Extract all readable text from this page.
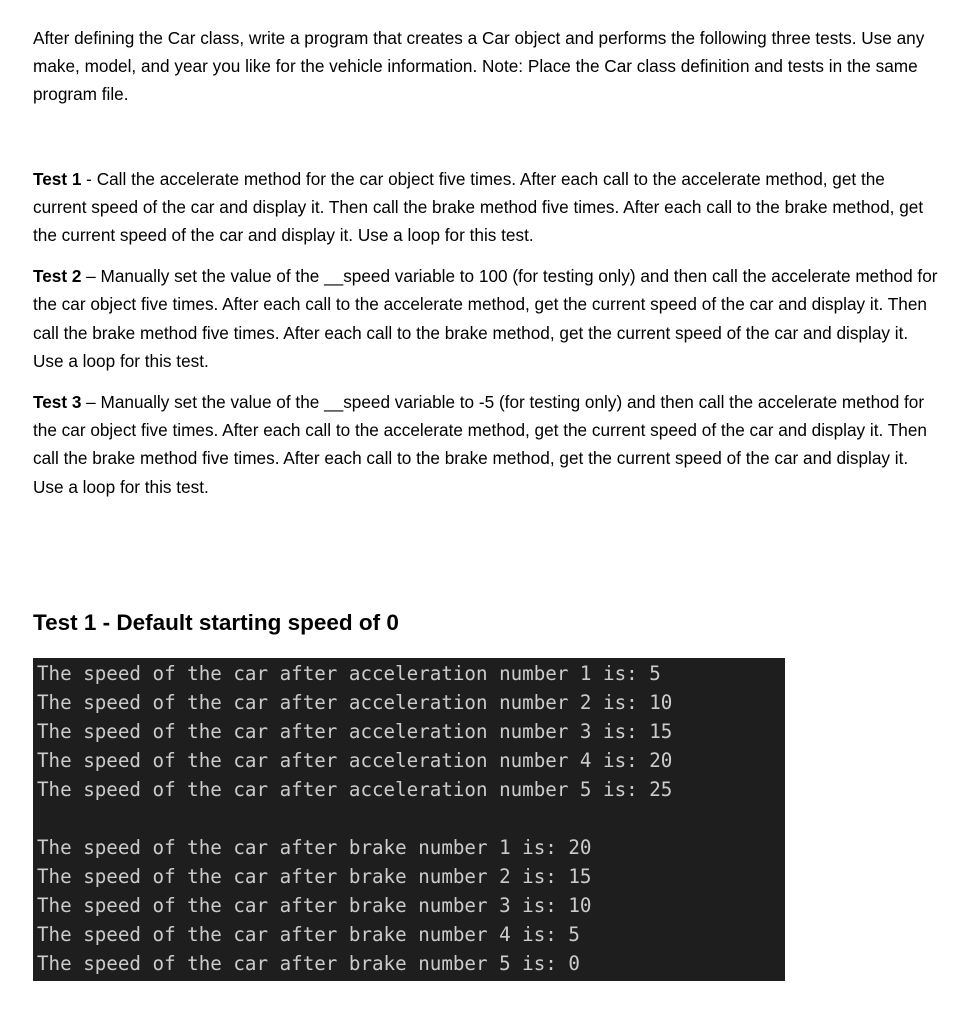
After defining the Car class, write a program that creates a Car object and performs the following three tests. Use any make, model, and year you like for the vehicle information. Note: Place the Car class definition and tests in the same program file.

Test 1 - Call the accelerate method for the car object five times. After each call to the accelerate method, get the current speed of the car and display it. Then call the brake method five times. After each call to the brake method, get the current speed of the car and display it. Use a loop for this test.

Test 2 – Manually set the value of the __speed variable to 100 (for testing only) and then call the accelerate method for the car object five times. After each call to the accelerate method, get the current speed of the car and display it. Then call the brake method five times. After each call to the brake method, get the current speed of the car and display it. Use a loop for this test.

Test 3 – Manually set the value of the __speed variable to -5 (for testing only) and then call the accelerate method for the car object five times. After each call to the accelerate method, get the current speed of the car and display it. Then call the brake method five times. After each call to the brake method, get the current speed of the car and display it. Use a loop for this test.

Test 1 - Default starting speed of 0
The speed of the car after acceleration number 1 is: 5
The speed of the car after acceleration number 2 is: 10
The speed of the car after acceleration number 3 is: 15
The speed of the car after acceleration number 4 is: 20
The speed of the car after acceleration number 5 is: 25
The speed of the car after brake number 1 is: 20
The speed of the car after brake number 2 is: 15
The speed of the car after brake number 3 is: 10
The speed of the car after brake number 4 is: 5
The speed of the car after brake number 5 is: 0
